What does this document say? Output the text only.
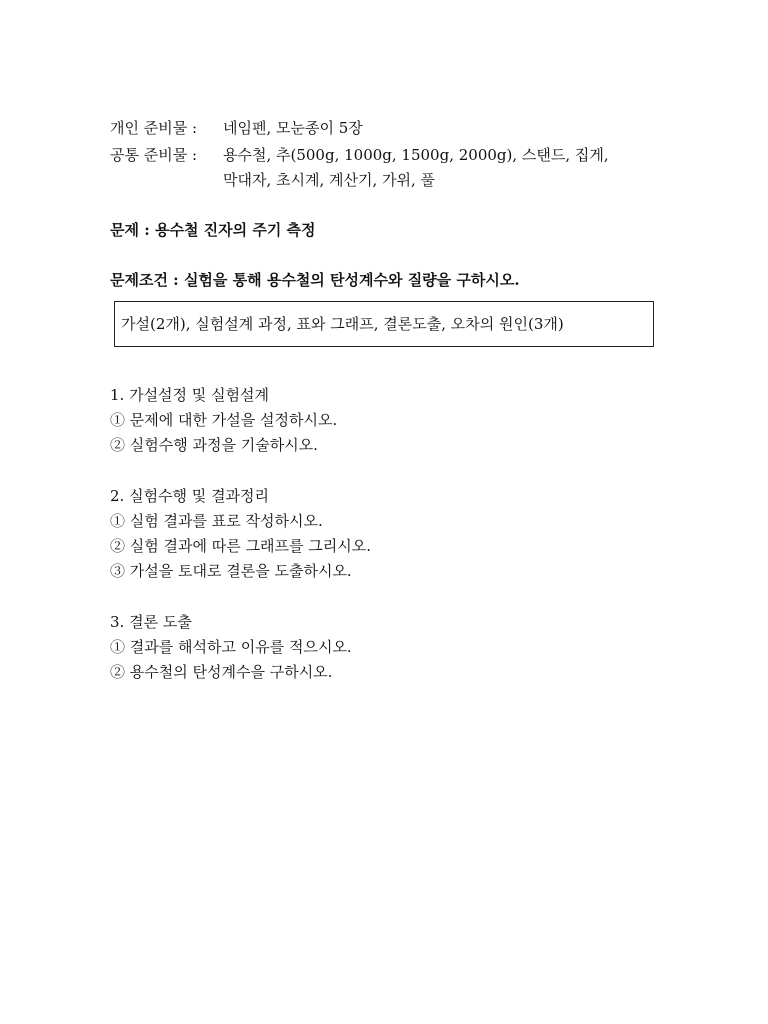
개인 준비물 : 네임펜, 모눈종이 5장
공통 준비물 : 용수철, 추(500g, 1000g, 1500g, 2000g), 스탠드, 집게,
막대자, 초시계, 계산기, 가위, 풀
문제 : 용수철 진자의 주기 측정
문제조건 : 실험을 통해 용수철의 탄성계수와 질량을 구하시오.
가설(2개), 실험설계 과정, 표와 그래프, 결론도출, 오차의 원인(3개)
1. 가설설정 및 실험설계
① 문제에 대한 가설을 설정하시오.
② 실험수행 과정을 기술하시오.
2. 실험수행 및 결과정리
① 실험 결과를 표로 작성하시오.
② 실험 결과에 따른 그래프를 그리시오.
③ 가설을 토대로 결론을 도출하시오.
3. 결론 도출
① 결과를 해석하고 이유를 적으시오.
② 용수철의 탄성계수을 구하시오.
